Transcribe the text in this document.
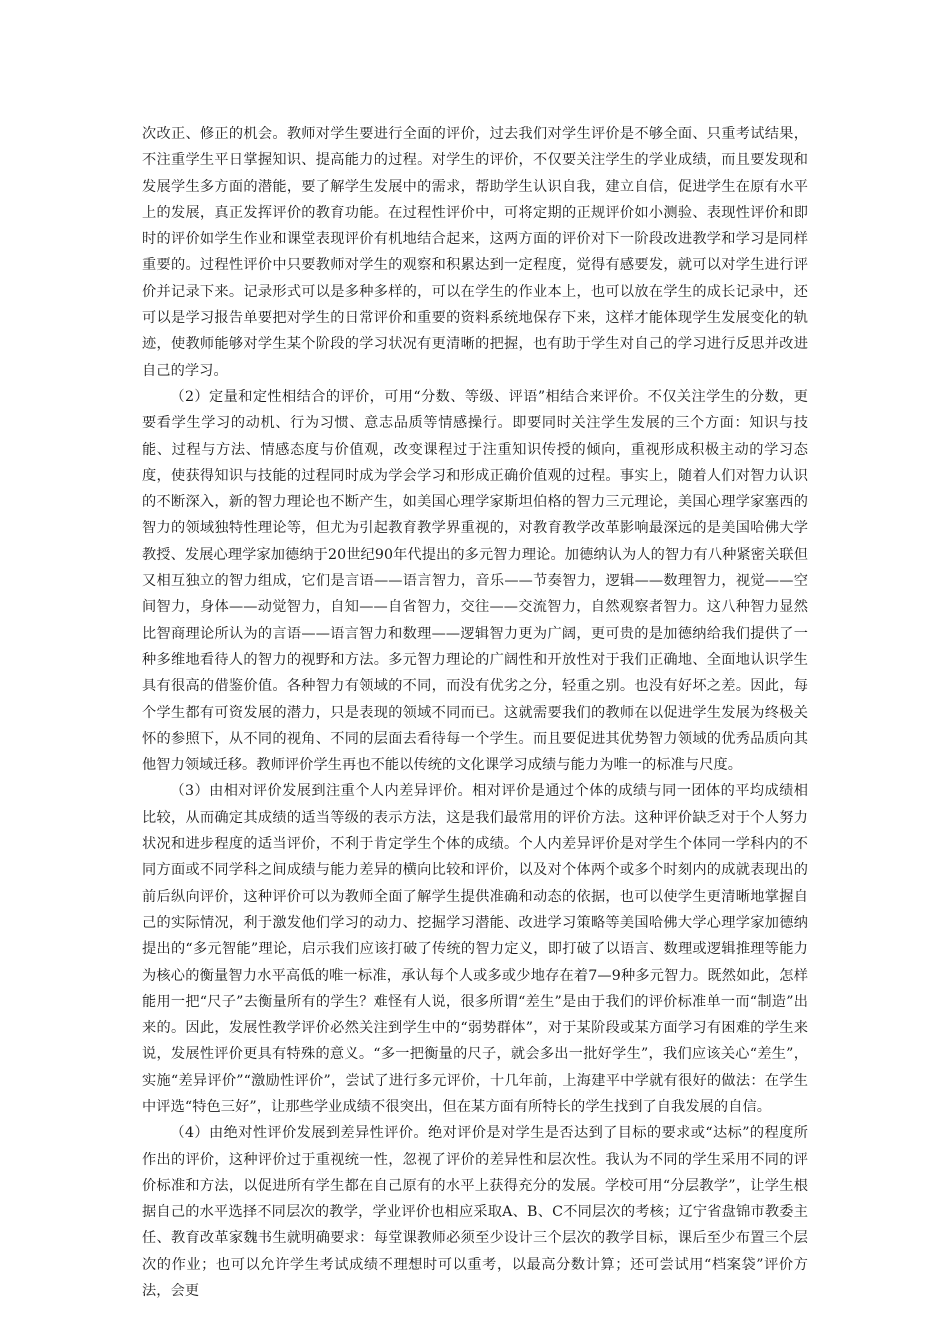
次改正、修正的机会。教师对学生要进行全面的评价，过去我们对学生评价是不够全面、只重考试结果，不注重学生平日掌握知识、提高能力的过程。对学生的评价，不仅要关注学生的学业成绩，而且要发现和发展学生多方面的潜能，要了解学生发展中的需求，帮助学生认识自我，建立自信，促进学生在原有水平上的发展，真正发挥评价的教育功能。在过程性评价中，可将定期的正规评价如小测验、表现性评价和即时的评价如学生作业和课堂表现评价有机地结合起来，这两方面的评价对下一阶段改进教学和学习是同样重要的。过程性评价中只要教师对学生的观察和积累达到一定程度，觉得有感要发，就可以对学生进行评价并记录下来。记录形式可以是多种多样的，可以在学生的作业本上，也可以放在学生的成长记录中，还可以是学习报告单要把对学生的日常评价和重要的资料系统地保存下来，这样才能体现学生发展变化的轨迹，使教师能够对学生某个阶段的学习状况有更清晰的把握，也有助于学生对自己的学习进行反思并改进自己的学习。

（2）定量和定性相结合的评价，可用“分数、等级、评语”相结合来评价。不仅关注学生的分数，更要看学生学习的动机、行为习惯、意志品质等情感操行。即要同时关注学生发展的三个方面：知识与技能、过程与方法、情感态度与价值观，改变课程过于注重知识传授的倾向，重视形成积极主动的学习态度，使获得知识与技能的过程同时成为学会学习和形成正确价值观的过程。事实上，随着人们对智力认识的不断深入，新的智力理论也不断产生，如美国心理学家斯坦伯格的智力三元理论，美国心理学家塞西的智力的领域独特性理论等，但尤为引起教育教学界重视的，对教育教学改革影响最深远的是美国哈佛大学教授、发展心理学家加德纳于20世纪90年代提出的多元智力理论。加德纳认为人的智力有八种紧密关联但又相互独立的智力组成，它们是言语——语言智力，音乐——节奏智力，逻辑——数理智力，视觉——空间智力，身体——动觉智力，自知——自省智力，交往——交流智力，自然观察者智力。这八种智力显然比智商理论所认为的言语——语言智力和数理——逻辑智力更为广阔，更可贵的是加德纳给我们提供了一种多维地看待人的智力的视野和方法。多元智力理论的广阔性和开放性对于我们正确地、全面地认识学生具有很高的借鉴价值。各种智力有领域的不同，而没有优劣之分，轻重之别。也没有好坏之差。因此，每个学生都有可资发展的潜力，只是表现的领域不同而已。这就需要我们的教师在以促进学生发展为终极关怀的参照下，从不同的视角、不同的层面去看待每一个学生。而且要促进其优势智力领域的优秀品质向其他智力领域迁移。教师评价学生再也不能以传统的文化课学习成绩与能力为唯一的标准与尺度。

（3）由相对评价发展到注重个人内差异评价。相对评价是通过个体的成绩与同一团体的平均成绩相比较，从而确定其成绩的适当等级的表示方法，这是我们最常用的评价方法。这种评价缺乏对于个人努力状况和进步程度的适当评价，不利于肯定学生个体的成绩。个人内差异评价是对学生个体同一学科内的不同方面或不同学科之间成绩与能力差异的横向比较和评价，以及对个体两个或多个时刻内的成就表现出的前后纵向评价，这种评价可以为教师全面了解学生提供准确和动态的依据，也可以使学生更清晰地掌握自己的实际情况，利于激发他们学习的动力、挖掘学习潜能、改进学习策略等美国哈佛大学心理学家加德纳提出的“多元智能”理论，启示我们应该打破了传统的智力定义，即打破了以语言、数理或逻辑推理等能力为核心的衡量智力水平高低的唯一标准，承认每个人或多或少地存在着7—9种多元智力。既然如此，怎样能用一把“尺子”去衡量所有的学生？难怪有人说，很多所谓“差生”是由于我们的评价标准单一而“制造”出来的。因此，发展性教学评价必然关注到学生中的“弱势群体”，对于某阶段或某方面学习有困难的学生来说，发展性评价更具有特殊的意义。“多一把衡量的尺子，就会多出一批好学生”，我们应该关心“差生”，实施“差异评价”“激励性评价”，尝试了进行多元评价，十几年前，上海建平中学就有很好的做法：在学生中评选“特色三好”，让那些学业成绩不很突出，但在某方面有所特长的学生找到了自我发展的自信。

（4）由绝对性评价发展到差异性评价。绝对评价是对学生是否达到了目标的要求或“达标”的程度所作出的评价，这种评价过于重视统一性，忽视了评价的差异性和层次性。我认为不同的学生采用不同的评价标准和方法，以促进所有学生都在自己原有的水平上获得充分的发展。学校可用“分层教学”，让学生根据自己的水平选择不同层次的教学，学业评价也相应采取A、B、C不同层次的考核；辽宁省盘锦市教委主任、教育改革家魏书生就明确要求：每堂课教师必须至少设计三个层次的教学目标，课后至少布置三个层次的作业；也可以允许学生考试成绩不理想时可以重考，以最高分数计算；还可尝试用“档案袋”评价方法，会更
